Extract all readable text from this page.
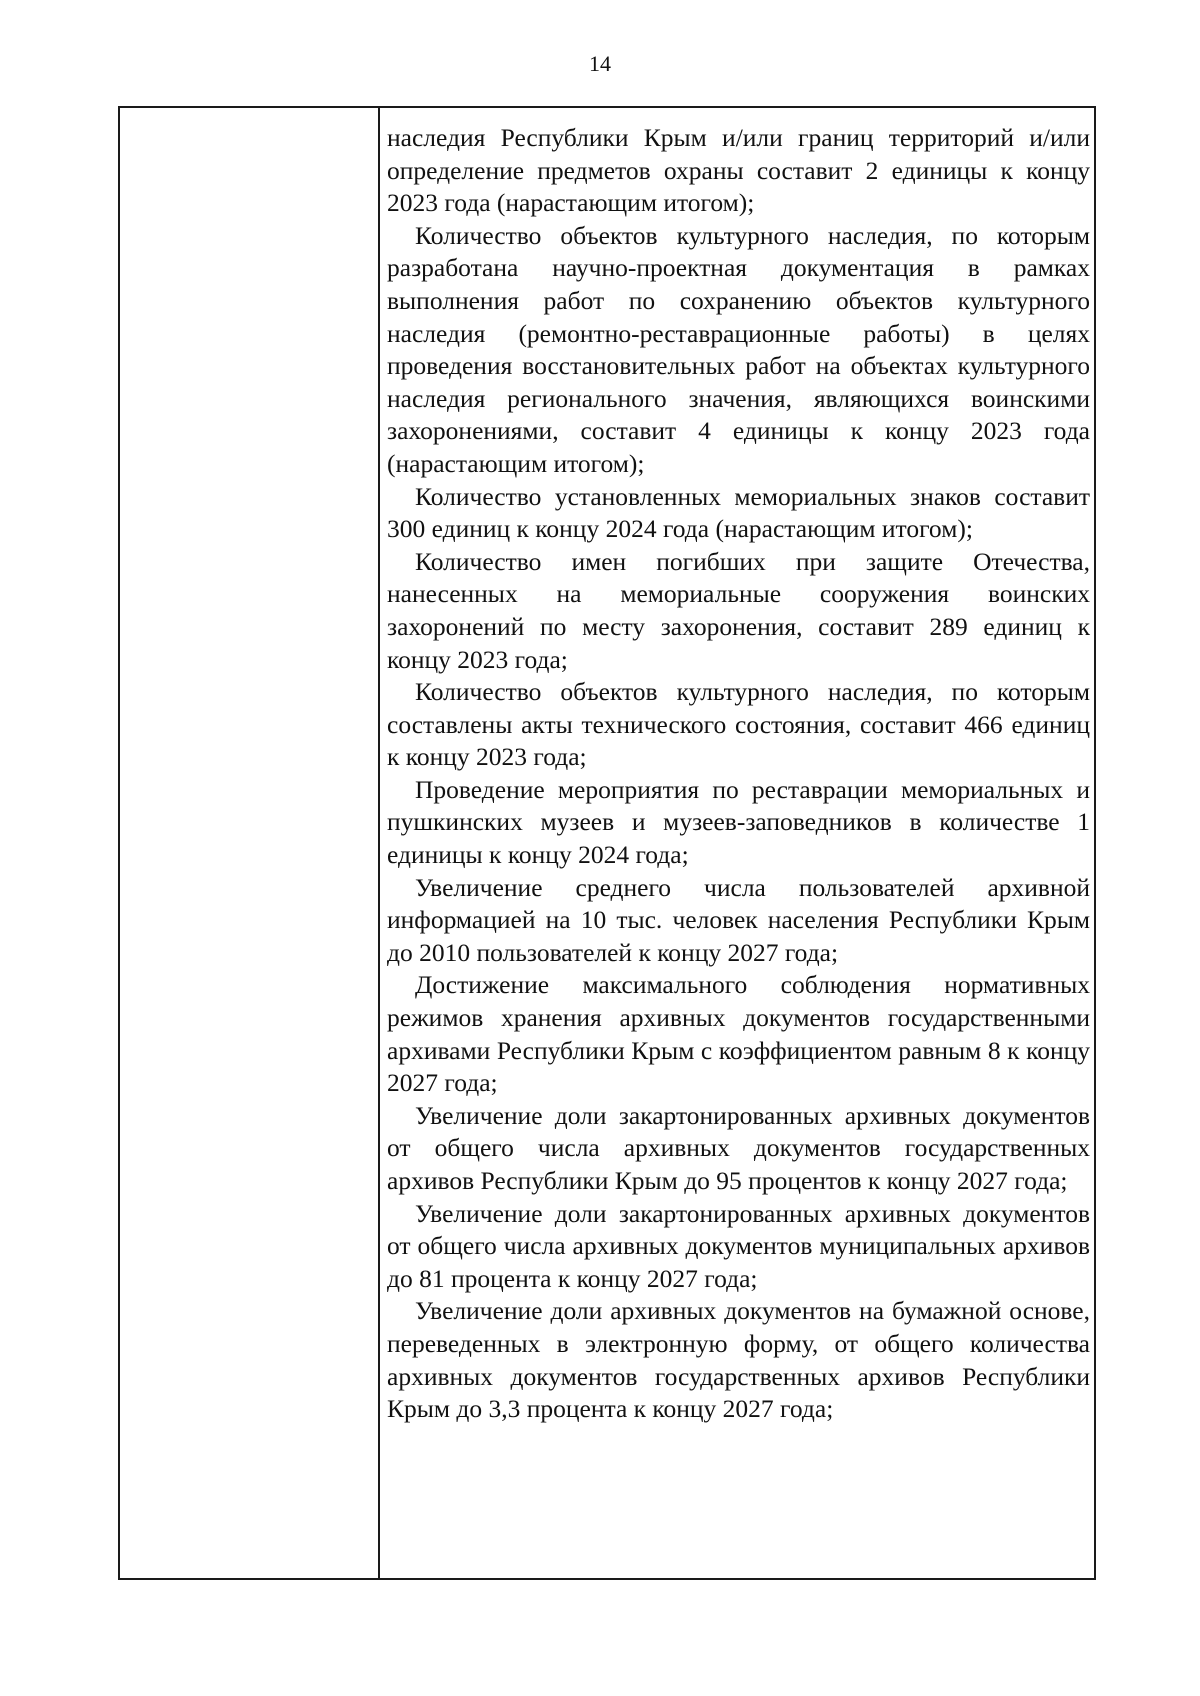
14

наследия Республики Крым и/или границ территорий и/или определение предметов охраны составит 2 единицы к концу 2023 года (нарастающим итогом);

Количество объектов культурного наследия, по которым разработана научно-проектная документация в рамках выполнения работ по сохранению объектов культурного наследия (ремонтно-реставрационные работы) в целях проведения восстановительных работ на объектах культурного наследия регионального значения, являющихся воинскими захоронениями, составит 4 единицы к концу 2023 года (нарастающим итогом);

Количество установленных мемориальных знаков составит 300 единиц к концу 2024 года (нарастающим итогом);

Количество имен погибших при защите Отечества, нанесенных на мемориальные сооружения воинских захоронений по месту захоронения, составит 289 единиц к концу 2023 года;

Количество объектов культурного наследия, по которым составлены акты технического состояния, составит 466 единиц к концу 2023 года;

Проведение мероприятия по реставрации мемориальных и пушкинских музеев и музеев-заповедников в количестве 1 единицы к концу 2024 года;

Увеличение среднего числа пользователей архивной информацией на 10 тыс. человек населения Республики Крым до 2010 пользователей к концу 2027 года;

Достижение максимального соблюдения нормативных режимов хранения архивных документов государственными архивами Республики Крым с коэффициентом равным 8 к концу 2027 года;

Увеличение доли закартонированных архивных документов от общего числа архивных документов государственных архивов Республики Крым до 95 процентов к концу 2027 года;

Увеличение доли закартонированных архивных документов от общего числа архивных документов муниципальных архивов до 81 процента к концу 2027 года;

Увеличение доли архивных документов на бумажной основе, переведенных в электронную форму, от общего количества архивных документов государственных архивов Республики Крым до 3,3 процента к концу 2027 года;
